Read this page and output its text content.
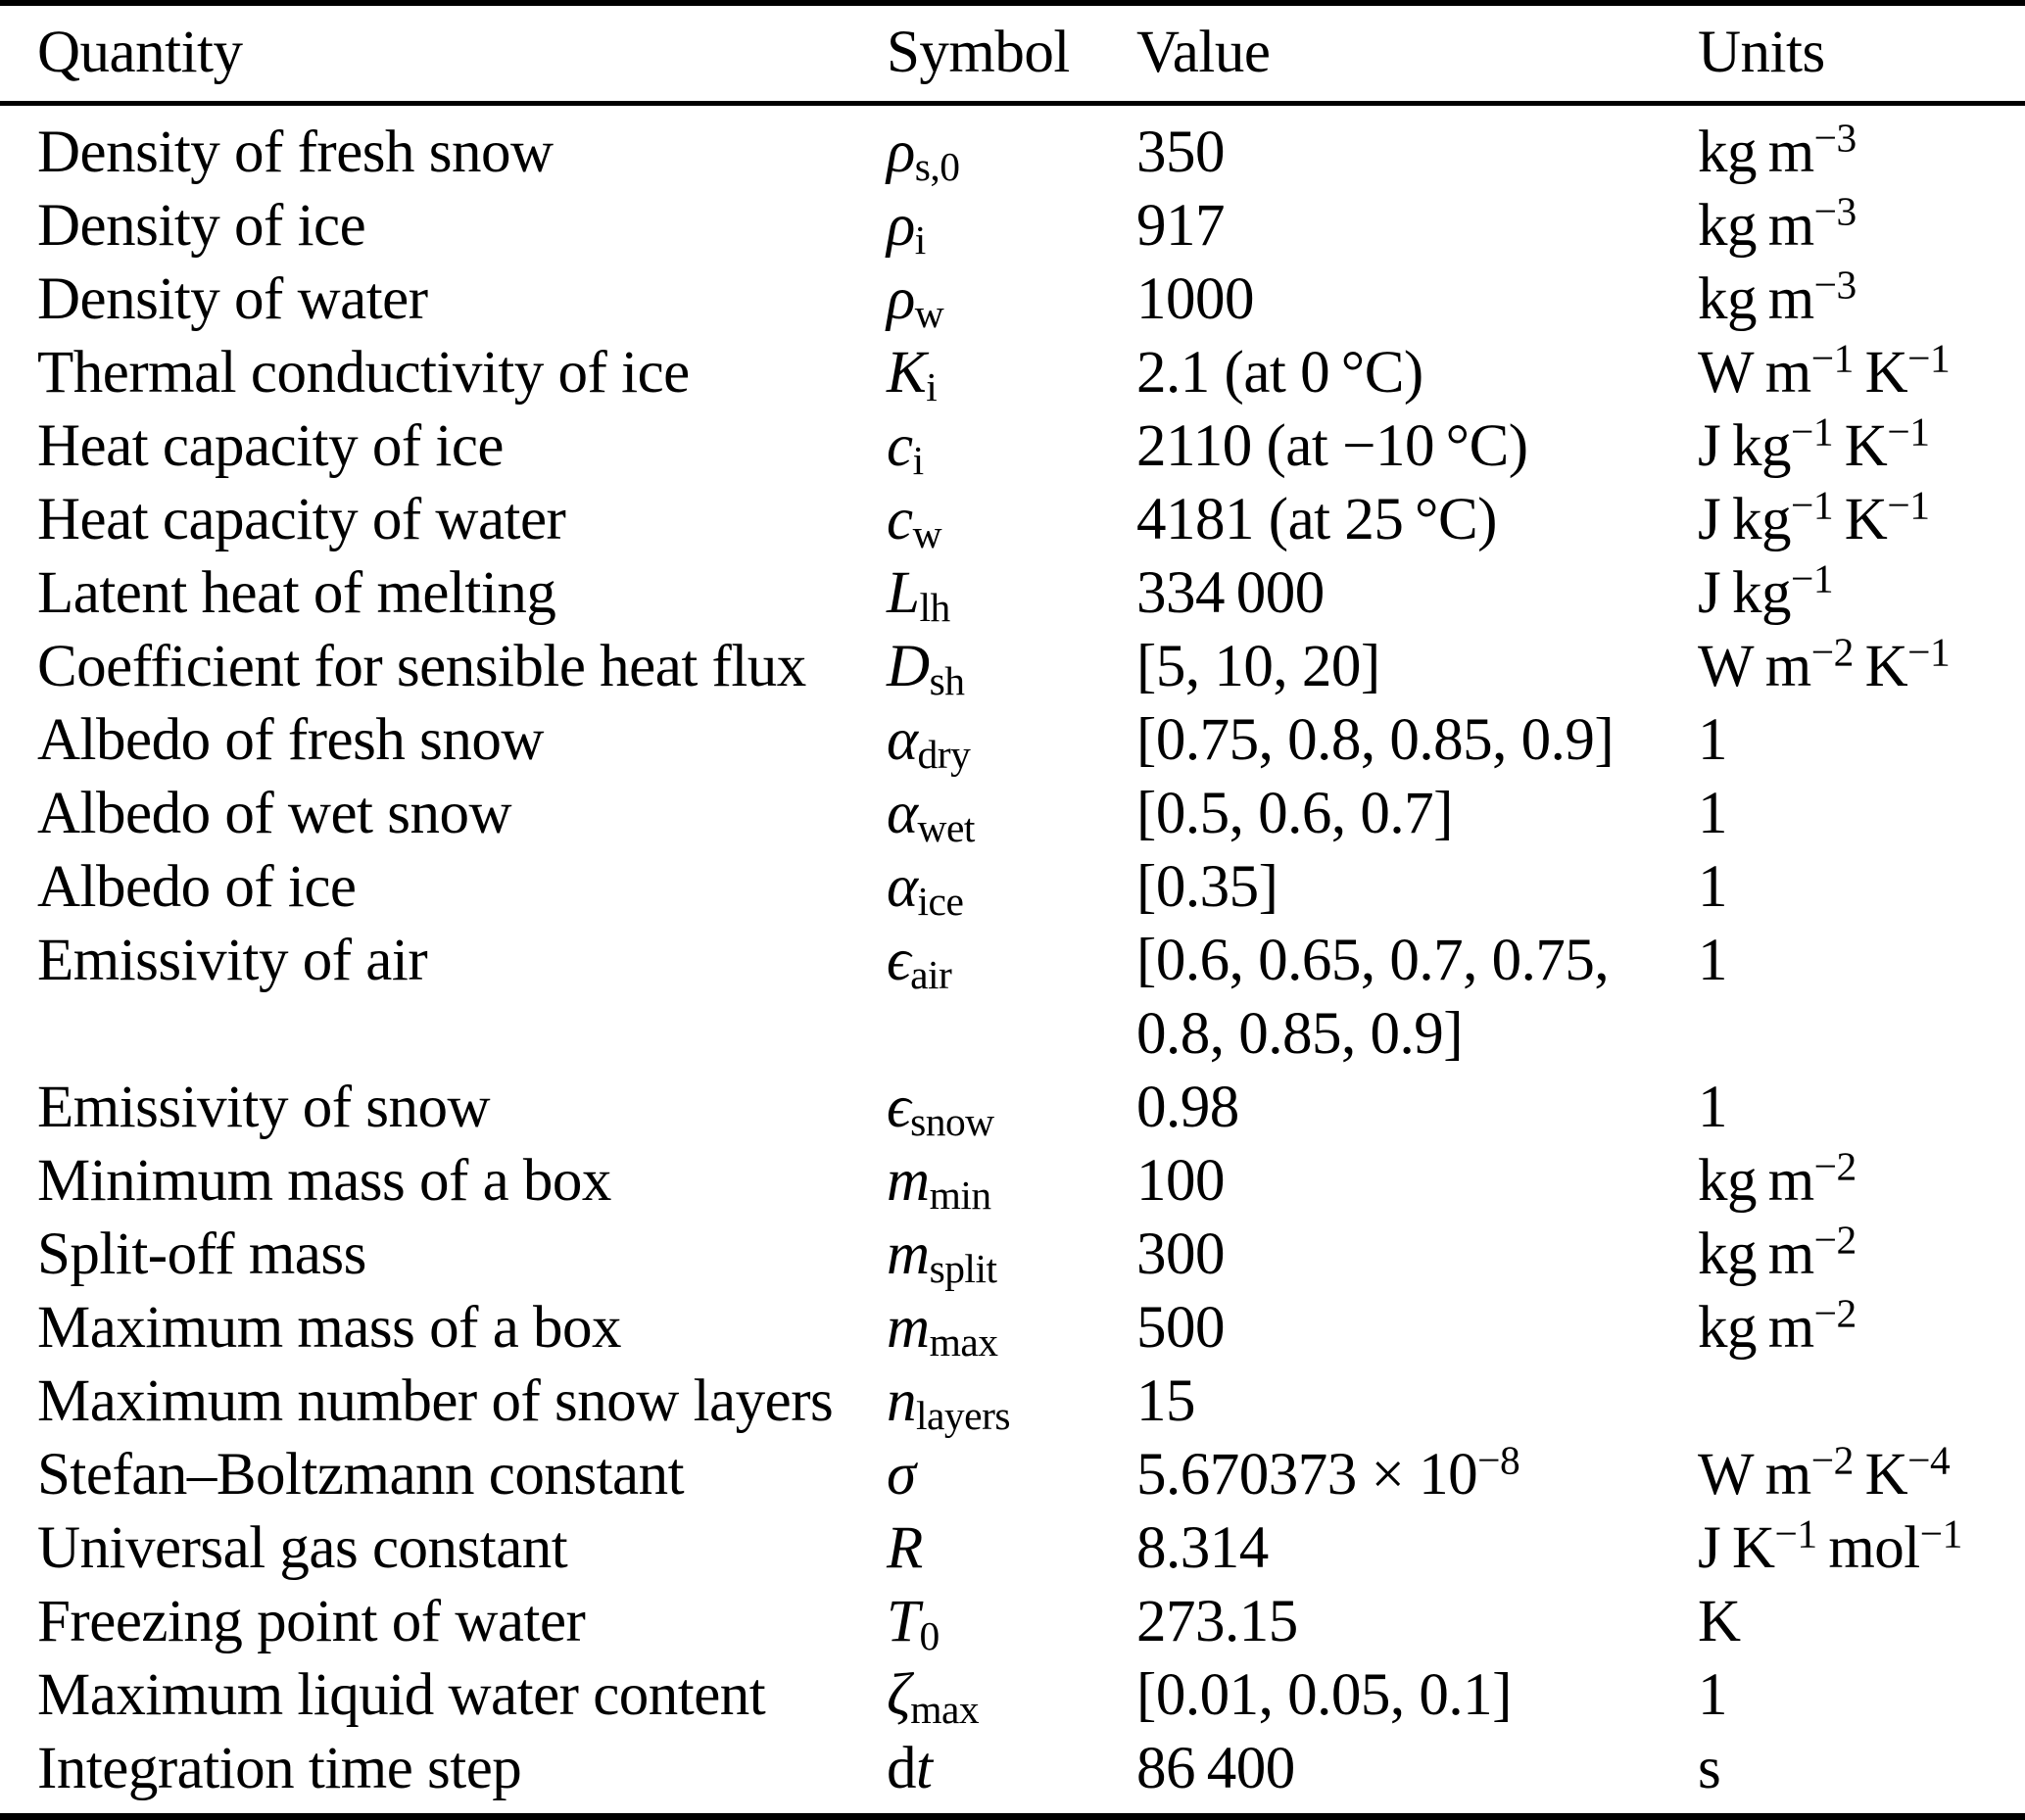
Quantity	Symbol	Value	Units
Density of fresh snow	$\rho_{s,0}$	350	kg $m^{-3}$
Density of ice	$\rho_i$	917	kg $m^{-3}$
Density of water	$\rho_w$	1000	kg $m^{-3}$
Thermal conductivity of ice	$K_i$	2.1 (at 0 °C)	W $m^{-1}$ $K^{-1}$
Heat capacity of ice	$c_i$	2110 (at −10 °C)	J $kg^{-1}$ $K^{-1}$
Heat capacity of water	$c_w$	4181 (at 25 °C)	J $kg^{-1}$ $K^{-1}$
Latent heat of melting	$L_{lh}$	334 000	J $kg^{-1}$
Coefficient for sensible heat flux	$D_{sh}$	[5, 10, 20]	W $m^{-2}$ $K^{-1}$
Albedo of fresh snow	$\alpha_{dry}$	[0.75, 0.8, 0.85, 0.9]	1
Albedo of wet snow	$\alpha_{wet}$	[0.5, 0.6, 0.7]	1
Albedo of ice	$\alpha_{ice}$	[0.35]	1
Emissivity of air	$\epsilon_{air}$	[0.6, 0.65, 0.7, 0.75,
0.8, 0.85, 0.9]	1
Emissivity of snow	$\epsilon_{snow}$	0.98	1
Minimum mass of a box	$m_{min}$	100	kg $m^{-2}$
Split-off mass	$m_{split}$	300	kg $m^{-2}$
Maximum mass of a box	$m_{max}$	500	kg $m^{-2}$
Maximum number of snow layers	$n_{layers}$	15	
Stefan–Boltzmann constant	σ	$5.670373 \times 10^{-8}$	W $m^{-2}$ $K^{-4}$
Universal gas constant	R	8.314	J $K^{-1}$ mol$^{-1}$
Freezing point of water	$T_0$	273.15	K
Maximum liquid water content	$\zeta_{max}$	[0.01, 0.05, 0.1]	1
Integration time step	dt	86 400	s
